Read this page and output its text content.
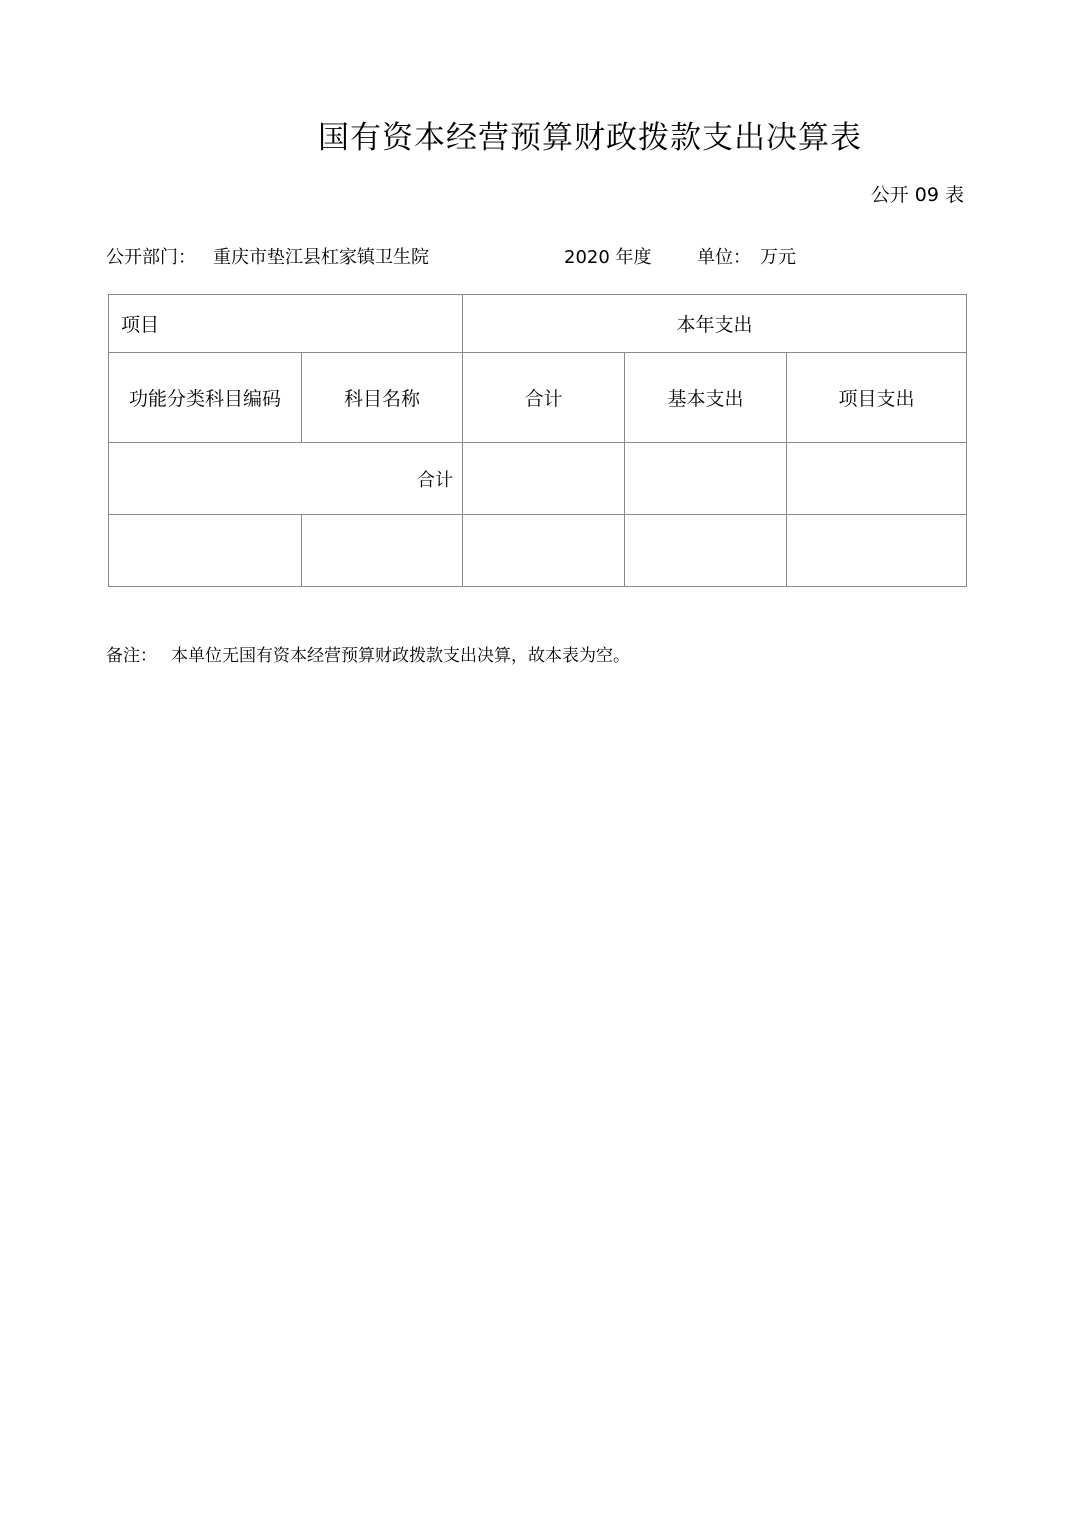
国有资本经营预算财政拨款支出决算表
公开 09 表
公开部门： 重庆市垫江县杠家镇卫生院	2020 年度	单位： 万元
项目		本年支出		
功能分类科目编码	科目名称	合计	基本支出	项目支出
合计				

备注： 本单位无国有资本经营预算财政拨款支出决算，故本表为空。
